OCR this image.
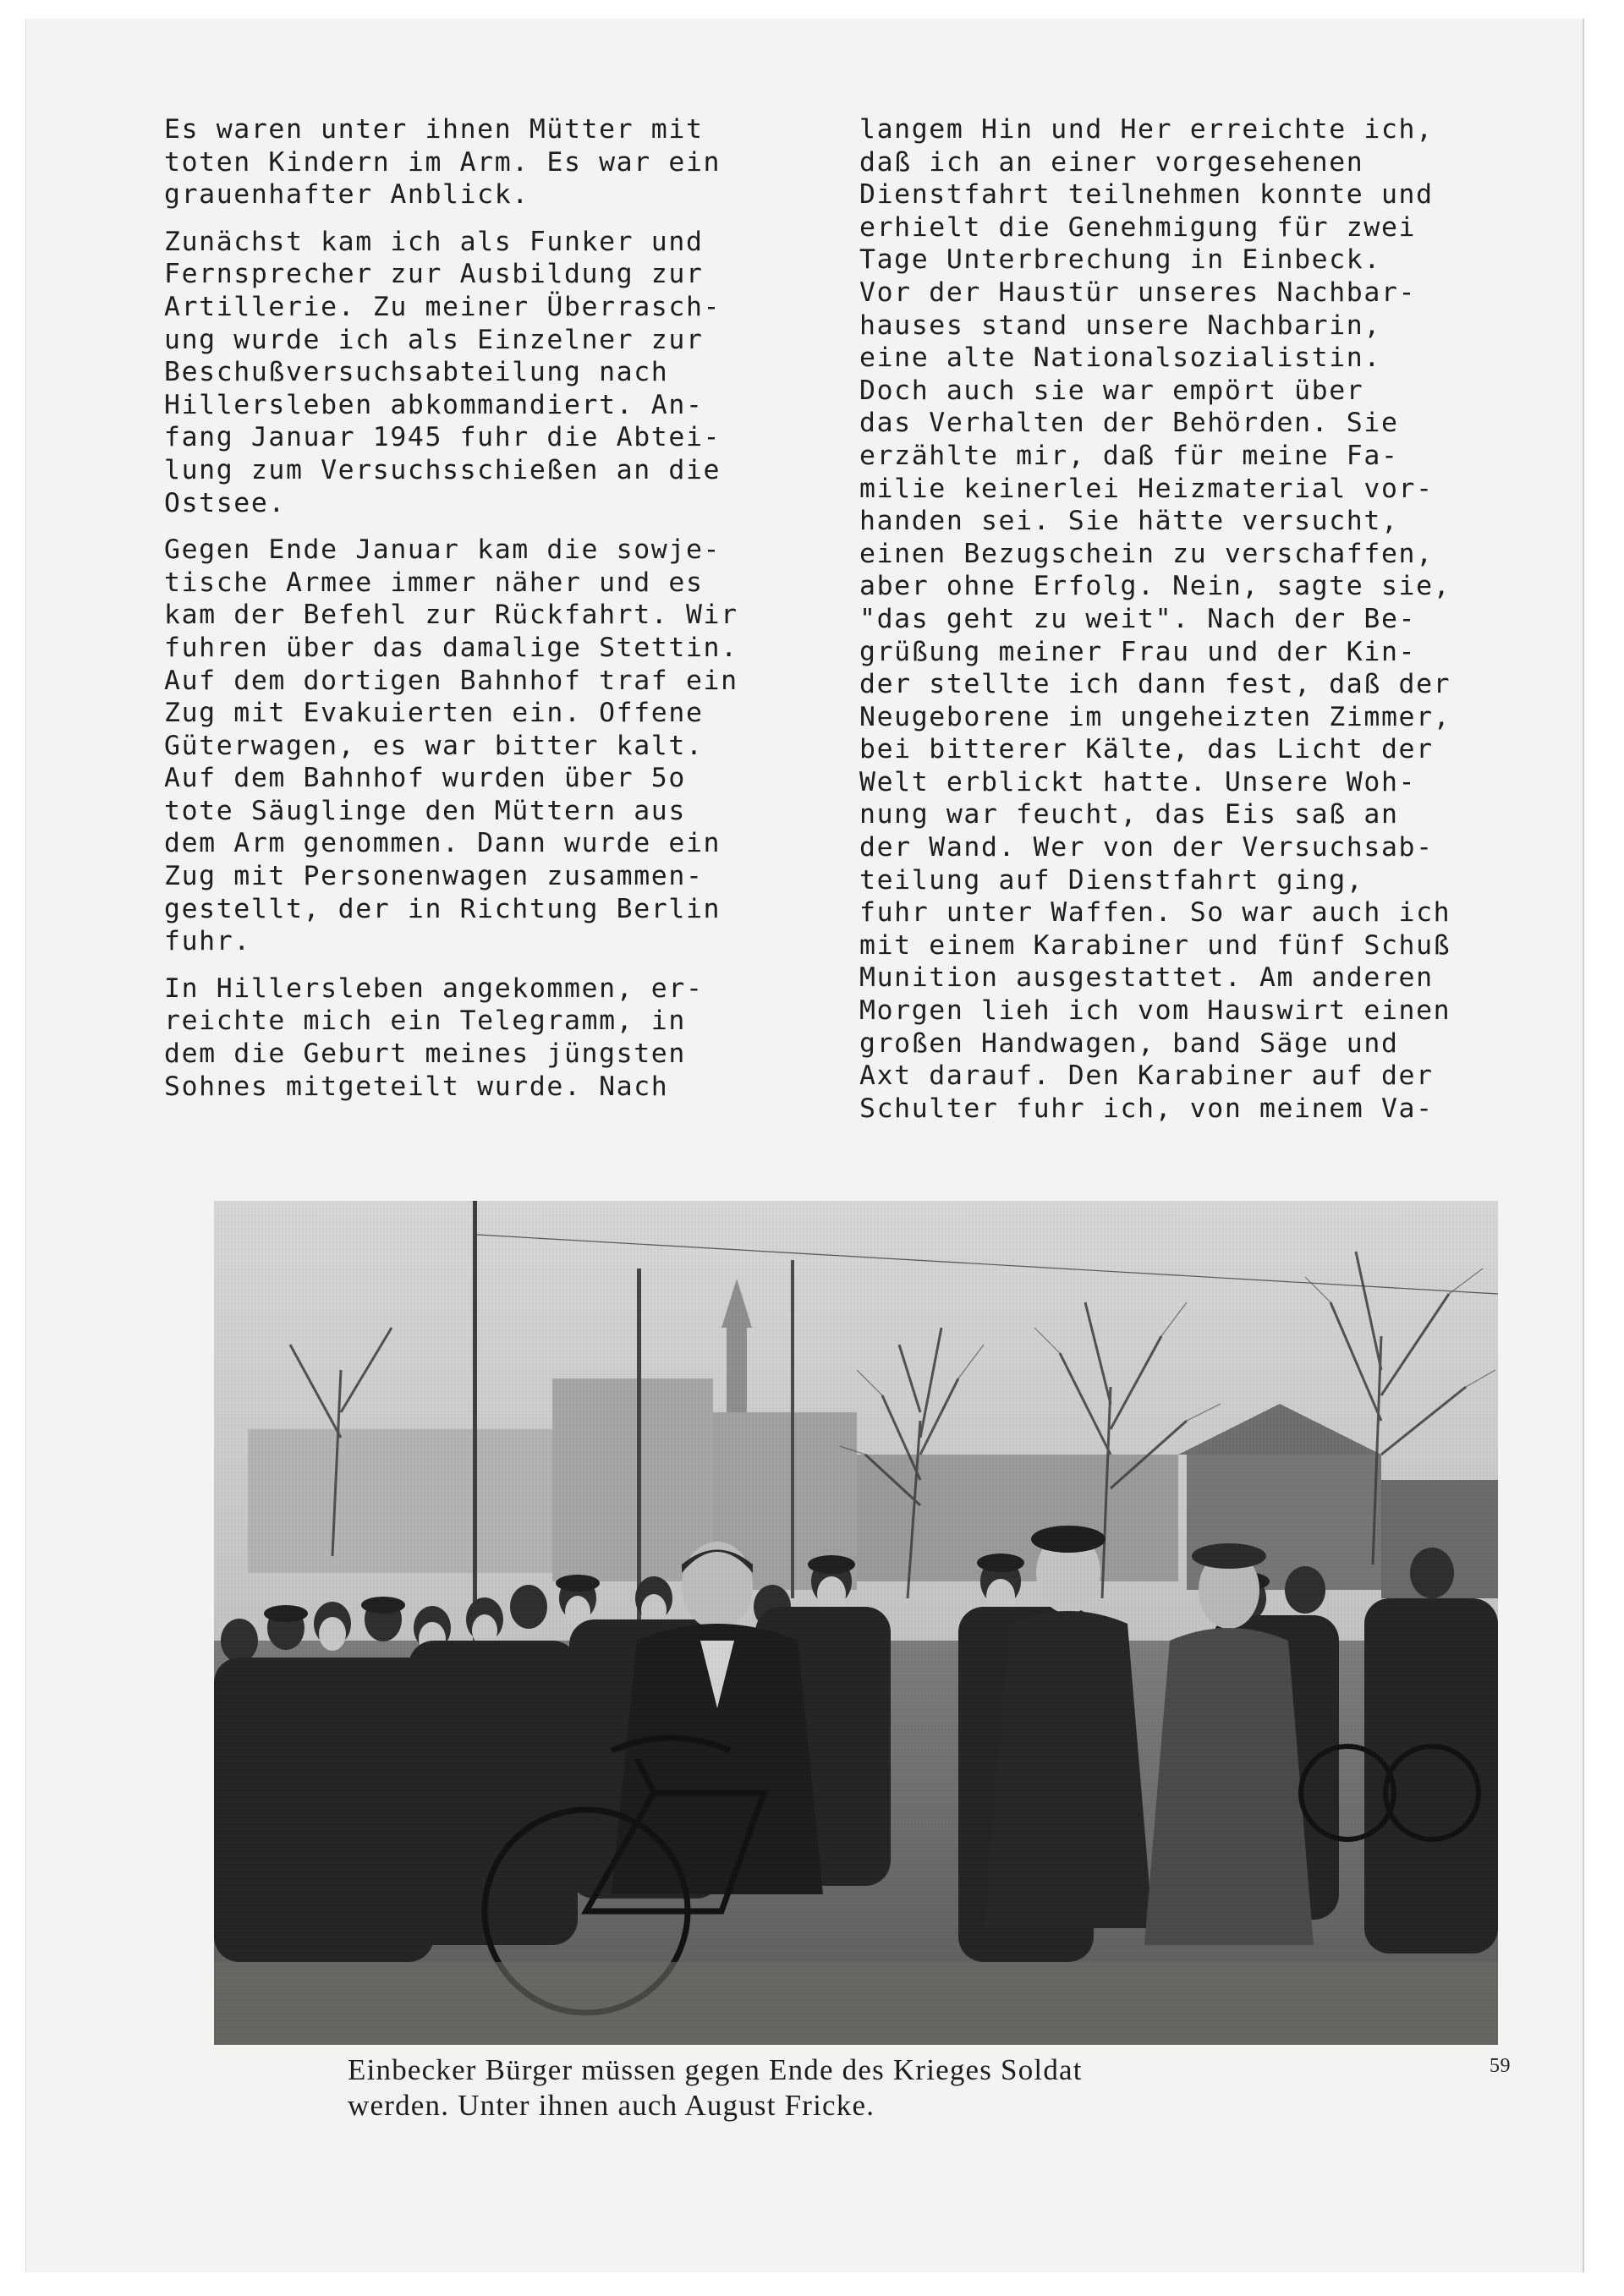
Es waren unter ihnen Mütter mit
toten Kindern im Arm. Es war ein
grauenhafter Anblick.

Zunächst kam ich als Funker und
Fernsprecher zur Ausbildung zur
Artillerie. Zu meiner Überrasch-
ung wurde ich als Einzelner zur
Beschußversuchsabteilung nach
Hillersleben abkommandiert. An-
fang Januar 1945 fuhr die Abtei-
lung zum Versuchsschießen an die
Ostsee.

Gegen Ende Januar kam die sowje-
tische Armee immer näher und es
kam der Befehl zur Rückfahrt. Wir
fuhren über das damalige Stettin.
Auf dem dortigen Bahnhof traf ein
Zug mit Evakuierten ein. Offene
Güterwagen, es war bitter kalt.
Auf dem Bahnhof wurden über 5o
tote Säuglinge den Müttern aus
dem Arm genommen. Dann wurde ein
Zug mit Personenwagen zusammen-
gestellt, der in Richtung Berlin
fuhr.

In Hillersleben angekommen, er-
reichte mich ein Telegramm, in
dem die Geburt meines jüngsten
Sohnes mitgeteilt wurde. Nach

langem Hin und Her erreichte ich,
daß ich an einer vorgesehenen
Dienstfahrt teilnehmen konnte und
erhielt die Genehmigung für zwei
Tage Unterbrechung in Einbeck.
Vor der Haustür unseres Nachbar-
hauses stand unsere Nachbarin,
eine alte Nationalsozialistin.
Doch auch sie war empört über
das Verhalten der Behörden. Sie
erzählte mir, daß für meine Fa-
milie keinerlei Heizmaterial vor-
handen sei. Sie hätte versucht,
einen Bezugschein zu verschaffen,
aber ohne Erfolg. Nein, sagte sie,
"das geht zu weit". Nach der Be-
grüßung meiner Frau und der Kin-
der stellte ich dann fest, daß der
Neugeborene im ungeheizten Zimmer,
bei bitterer Kälte, das Licht der
Welt erblickt hatte. Unsere Woh-
nung war feucht, das Eis saß an
der Wand. Wer von der Versuchsab-
teilung auf Dienstfahrt ging,
fuhr unter Waffen. So war auch ich
mit einem Karabiner und fünf Schuß
Munition ausgestattet. Am anderen
Morgen lieh ich vom Hauswirt einen
großen Handwagen, band Säge und
Axt darauf. Den Karabiner auf der
Schulter fuhr ich, von meinem Va-

Einbecker Bürger müssen gegen Ende des Krieges Soldat
werden. Unter ihnen auch August Fricke.
59
